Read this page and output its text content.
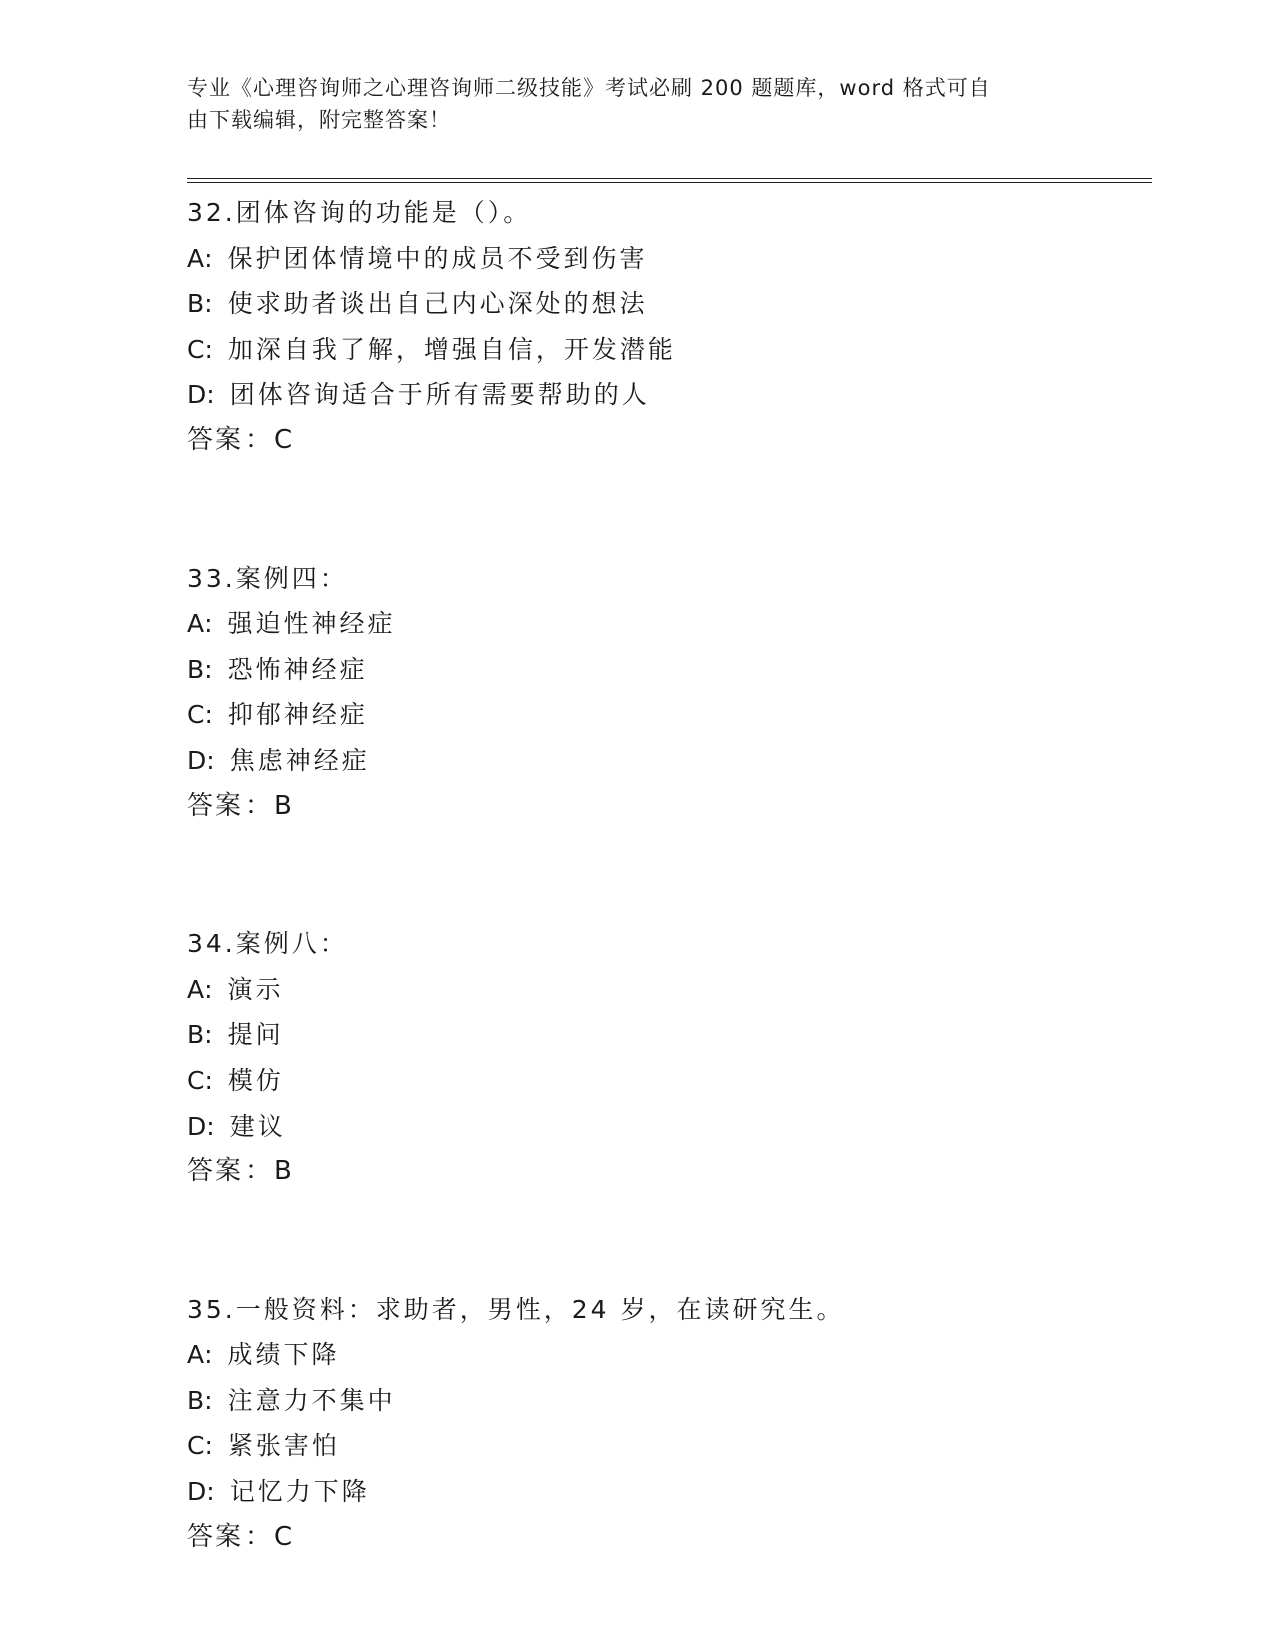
专业《心理咨询师之心理咨询师二级技能》考试必刷 200 题题库，word 格式可自
由下载编辑，附完整答案！
32.团体咨询的功能是（）。
A: 保护团体情境中的成员不受到伤害
B: 使求助者谈出自己内心深处的想法
C: 加深自我了解，增强自信，开发潜能
D: 团体咨询适合于所有需要帮助的人
答案：C
33.案例四：
A: 强迫性神经症
B: 恐怖神经症
C: 抑郁神经症
D: 焦虑神经症
答案：B
34.案例八：
A: 演示
B: 提问
C: 模仿
D: 建议
答案：B
35.一般资料：求助者，男性，24 岁，在读研究生。
A: 成绩下降
B: 注意力不集中
C: 紧张害怕
D: 记忆力下降
答案：C
